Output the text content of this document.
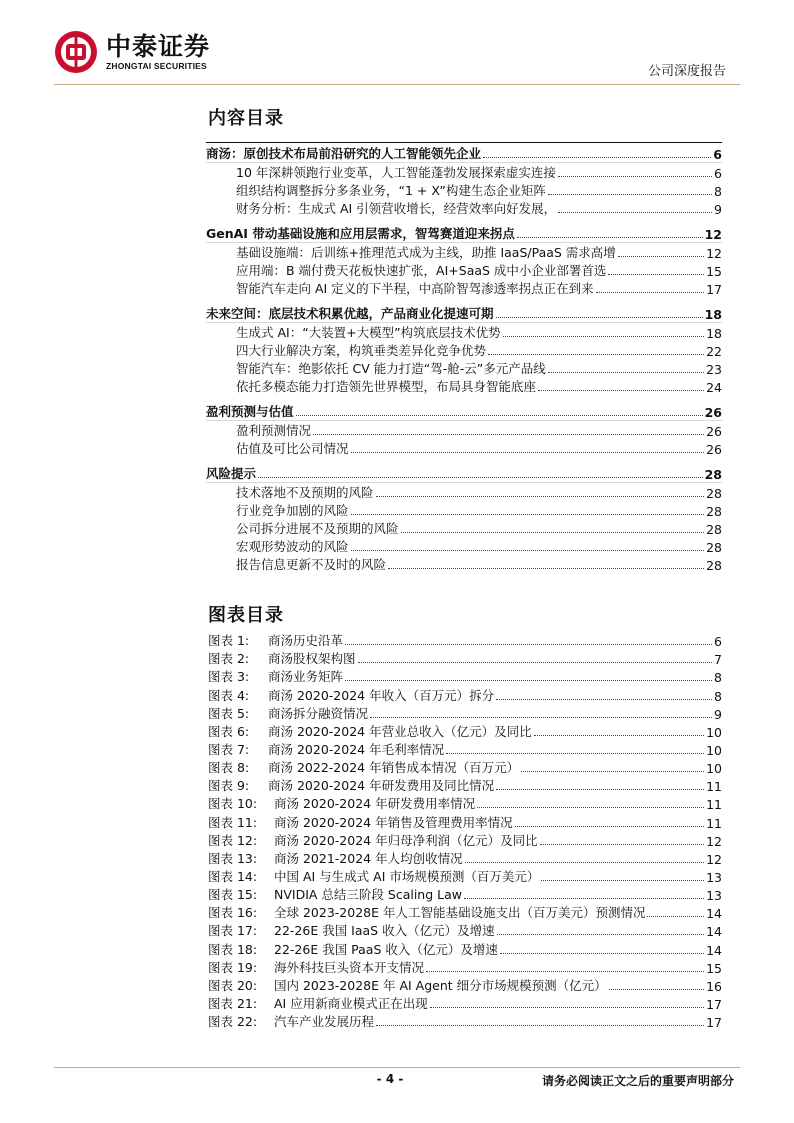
中泰证券
ZHONGTAI SECURITIES	公司深度报告
内容目录
商汤：原创技术布局前沿研究的人工智能领先企业	6
10 年深耕领跑行业变革，人工智能蓬勃发展探索虚实连接	6
组织结构调整拆分多条业务，“1 + X”构建生态企业矩阵	8
财务分析：生成式 AI 引领营收增长，经营效率向好发展，	9
GenAI 带动基础设施和应用层需求，智驾赛道迎来拐点	12
基础设施端：后训练+推理范式成为主线，助推 IaaS/PaaS 需求高增	12
应用端：B 端付费天花板快速扩张，AI+SaaS 成中小企业部署首选	15
智能汽车走向 AI 定义的下半程，中高阶智驾渗透率拐点正在到来	17
未来空间：底层技术积累优越，产品商业化提速可期	18
生成式 AI：“大装置+大模型”构筑底层技术优势	18
四大行业解决方案，构筑垂类差异化竞争优势	22
智能汽车：绝影依托 CV 能力打造“驾-舱-云”多元产品线	23
依托多模态能力打造领先世界模型，布局具身智能底座	24
盈利预测与估值	26
盈利预测情况	26
估值及可比公司情况	26
风险提示	28
技术落地不及预期的风险	28
行业竞争加剧的风险	28
公司拆分进展不及预期的风险	28
宏观形势波动的风险	28
报告信息更新不及时的风险	28
图表目录
图表 1:	商汤历史沿革	6
图表 2:	商汤股权架构图	7
图表 3:	商汤业务矩阵	8
图表 4:	商汤 2020-2024 年收入（百万元）拆分	8
图表 5:	商汤拆分融资情况	9
图表 6:	商汤 2020-2024 年营业总收入（亿元）及同比	10
图表 7:	商汤 2020-2024 年毛利率情况	10
图表 8:	商汤 2022-2024 年销售成本情况（百万元）	10
图表 9:	商汤 2020-2024 年研发费用及同比情况	11
图表 10:	商汤 2020-2024 年研发费用率情况	11
图表 11:	商汤 2020-2024 年销售及管理费用率情况	11
图表 12:	商汤 2020-2024 年归母净利润（亿元）及同比	12
图表 13:	商汤 2021-2024 年人均创收情况	12
图表 14:	中国 AI 与生成式 AI 市场规模预测（百万美元）	13
图表 15:	NVIDIA 总结三阶段 Scaling Law	13
图表 16:	全球 2023-2028E 年人工智能基础设施支出（百万美元）预测情况	14
图表 17:	22-26E 我国 IaaS 收入（亿元）及增速	14
图表 18:	22-26E 我国 PaaS 收入（亿元）及增速	14
图表 19:	海外科技巨头资本开支情况	15
图表 20:	国内 2023-2028E 年 AI Agent 细分市场规模预测（亿元）	16
图表 21:	AI 应用新商业模式正在出现	17
图表 22:	汽车产业发展历程	17
- 4 -	请务必阅读正文之后的重要声明部分
